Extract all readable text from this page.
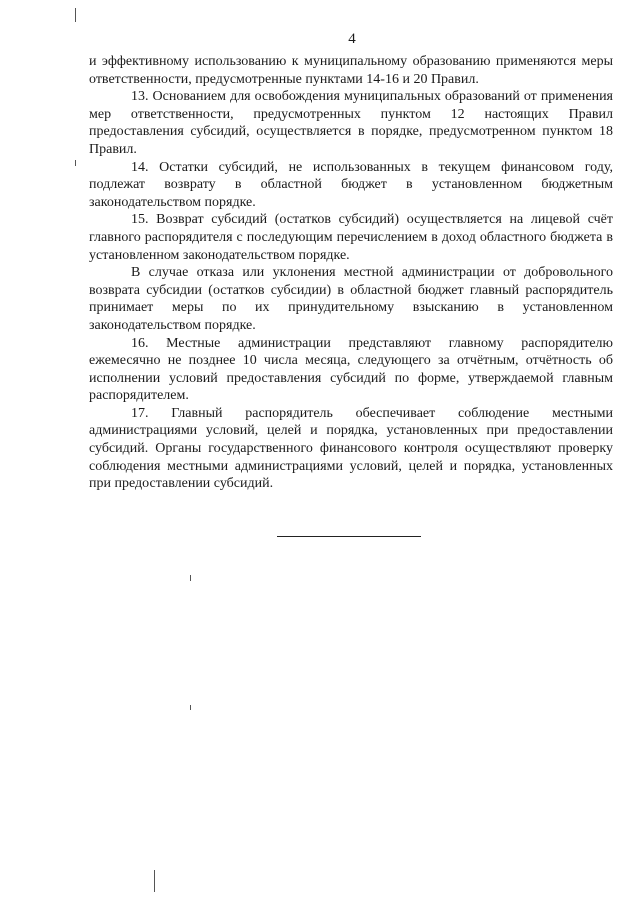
4

и эффективному использованию к муниципальному образованию применяются меры ответственности, предусмотренные пунктами 14-16 и 20 Правил.

13. Основанием для освобождения муниципальных образований от применения мер ответственности, предусмотренных пунктом 12 настоящих Правил предоставления субсидий, осуществляется в порядке, предусмотренном пунктом 18 Правил.

14. Остатки субсидий, не использованных в текущем финансовом году, подлежат возврату в областной бюджет в установленном бюджетным законодательством порядке.

15. Возврат субсидий (остатков субсидий) осуществляется на лицевой счёт главного распорядителя с последующим перечислением в доход областного бюджета в установленном законодательством порядке.

В случае отказа или уклонения местной администрации от добровольного возврата субсидии (остатков субсидии) в областной бюджет главный распорядитель принимает меры по их принудительному взысканию в установленном законодательством порядке.

16. Местные администрации представляют главному распорядителю ежемесячно не позднее 10 числа месяца, следующего за отчётным, отчётность об исполнении условий предоставления субсидий по форме, утверждаемой главным распорядителем.

17. Главный распорядитель обеспечивает соблюдение местными администрациями условий, целей и порядка, установленных при предоставлении субсидий. Органы государственного финансового контроля осуществляют проверку соблюдения местными администрациями условий, целей и порядка, установленных при предоставлении субсидий.
